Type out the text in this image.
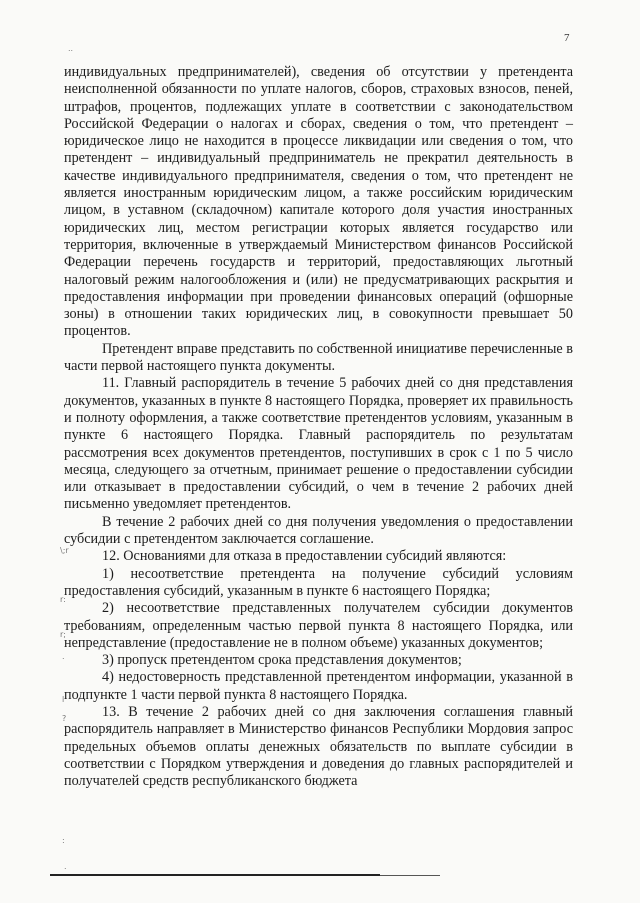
7
..
\;r
r:
r;
.
l
?
:
.

индивидуальных предпринимателей), сведения об отсутствии у претендента неисполненной обязанности по уплате налогов, сборов, страховых взносов, пеней, штрафов, процентов, подлежащих уплате в соответствии с законодательством Российской Федерации о налогах и сборах, сведения о том, что претендент – юридическое лицо не находится в процессе ликвидации или сведения о том, что претендент – индивидуальный предприниматель не прекратил деятельность в качестве индивидуального предпринимателя, сведения о том, что претендент не является иностранным юридическим лицом, а также российским юридическим лицом, в уставном (складочном) капитале которого доля участия иностранных юридических лиц, местом регистрации которых является государство или территория, включенные в утверждаемый Министерством финансов Российской Федерации перечень государств и территорий, предоставляющих льготный налоговый режим налогообложения и (или) не предусматривающих раскрытия и предоставления информации при проведении финансовых операций (офшорные зоны) в отношении таких юридических лиц, в совокупности превышает 50 процентов.

Претендент вправе представить по собственной инициативе перечисленные в части первой настоящего пункта документы.

11. Главный распорядитель в течение 5 рабочих дней со дня представления документов, указанных в пункте 8 настоящего Порядка, проверяет их правильность и полноту оформления, а также соответствие претендентов условиям, указанным в пункте 6 настоящего Порядка. Главный распорядитель по результатам рассмотрения всех документов претендентов, поступивших в срок с 1 по 5 число месяца, следующего за отчетным, принимает решение о предоставлении субсидии или отказывает в предоставлении субсидий, о чем в течение 2 рабочих дней письменно уведомляет претендентов.

В течение 2 рабочих дней со дня получения уведомления о предоставлении субсидии с претендентом заключается соглашение.

12. Основаниями для отказа в предоставлении субсидий являются:

1) несоответствие претендента на получение субсидий условиям предоставления субсидий, указанным в пункте 6 настоящего Порядка;

2) несоответствие представленных получателем субсидии документов требованиям, определенным частью первой пункта 8 настоящего Порядка, или непредставление (предоставление не в полном объеме) указанных документов;

3) пропуск претендентом срока представления документов;

4) недостоверность представленной претендентом информации, указанной в подпункте 1 части первой пункта 8 настоящего Порядка.

13. В течение 2 рабочих дней со дня заключения соглашения главный распорядитель направляет в Министерство финансов Республики Мордовия запрос предельных объемов оплаты денежных обязательств по выплате субсидии в соответствии с Порядком утверждения и доведения до главных распорядителей и получателей средств республиканского бюджета
